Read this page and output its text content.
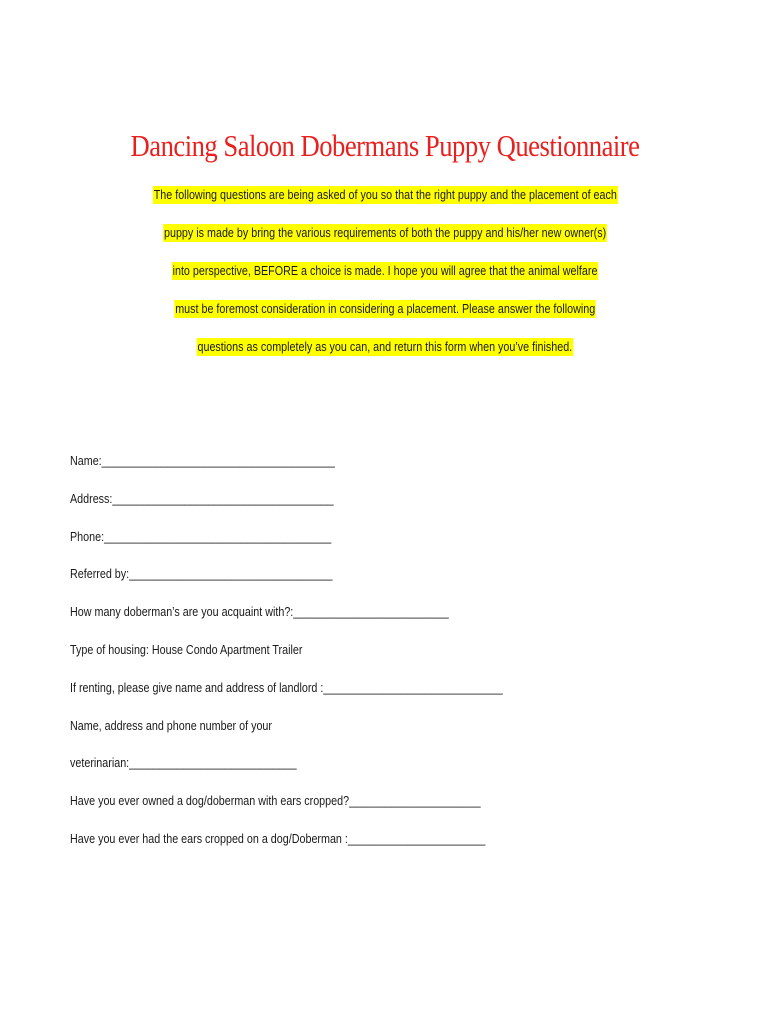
Dancing Saloon Dobermans Puppy Questionnaire
The following questions are being asked of you so that the right puppy and the placement of each
puppy is made by bring the various requirements of both the puppy and his/her new owner(s)
into perspective, BEFORE a choice is made. I hope you will agree that the animal welfare
must be foremost consideration in considering a placement. Please answer the following
questions as completely as you can, and return this form when you’ve finished.
Name:_______________________________________
Address:_____________________________________
Phone:______________________________________
Referred by:__________________________________
How many doberman’s are you acquaint with?:__________________________
Type of housing: House Condo Apartment Trailer
If renting, please give name and address of landlord :______________________________
Name, address and phone number of your
veterinarian:____________________________
Have you ever owned a dog/doberman with ears cropped?______________________
Have you ever had the ears cropped on a dog/Doberman :_______________________
